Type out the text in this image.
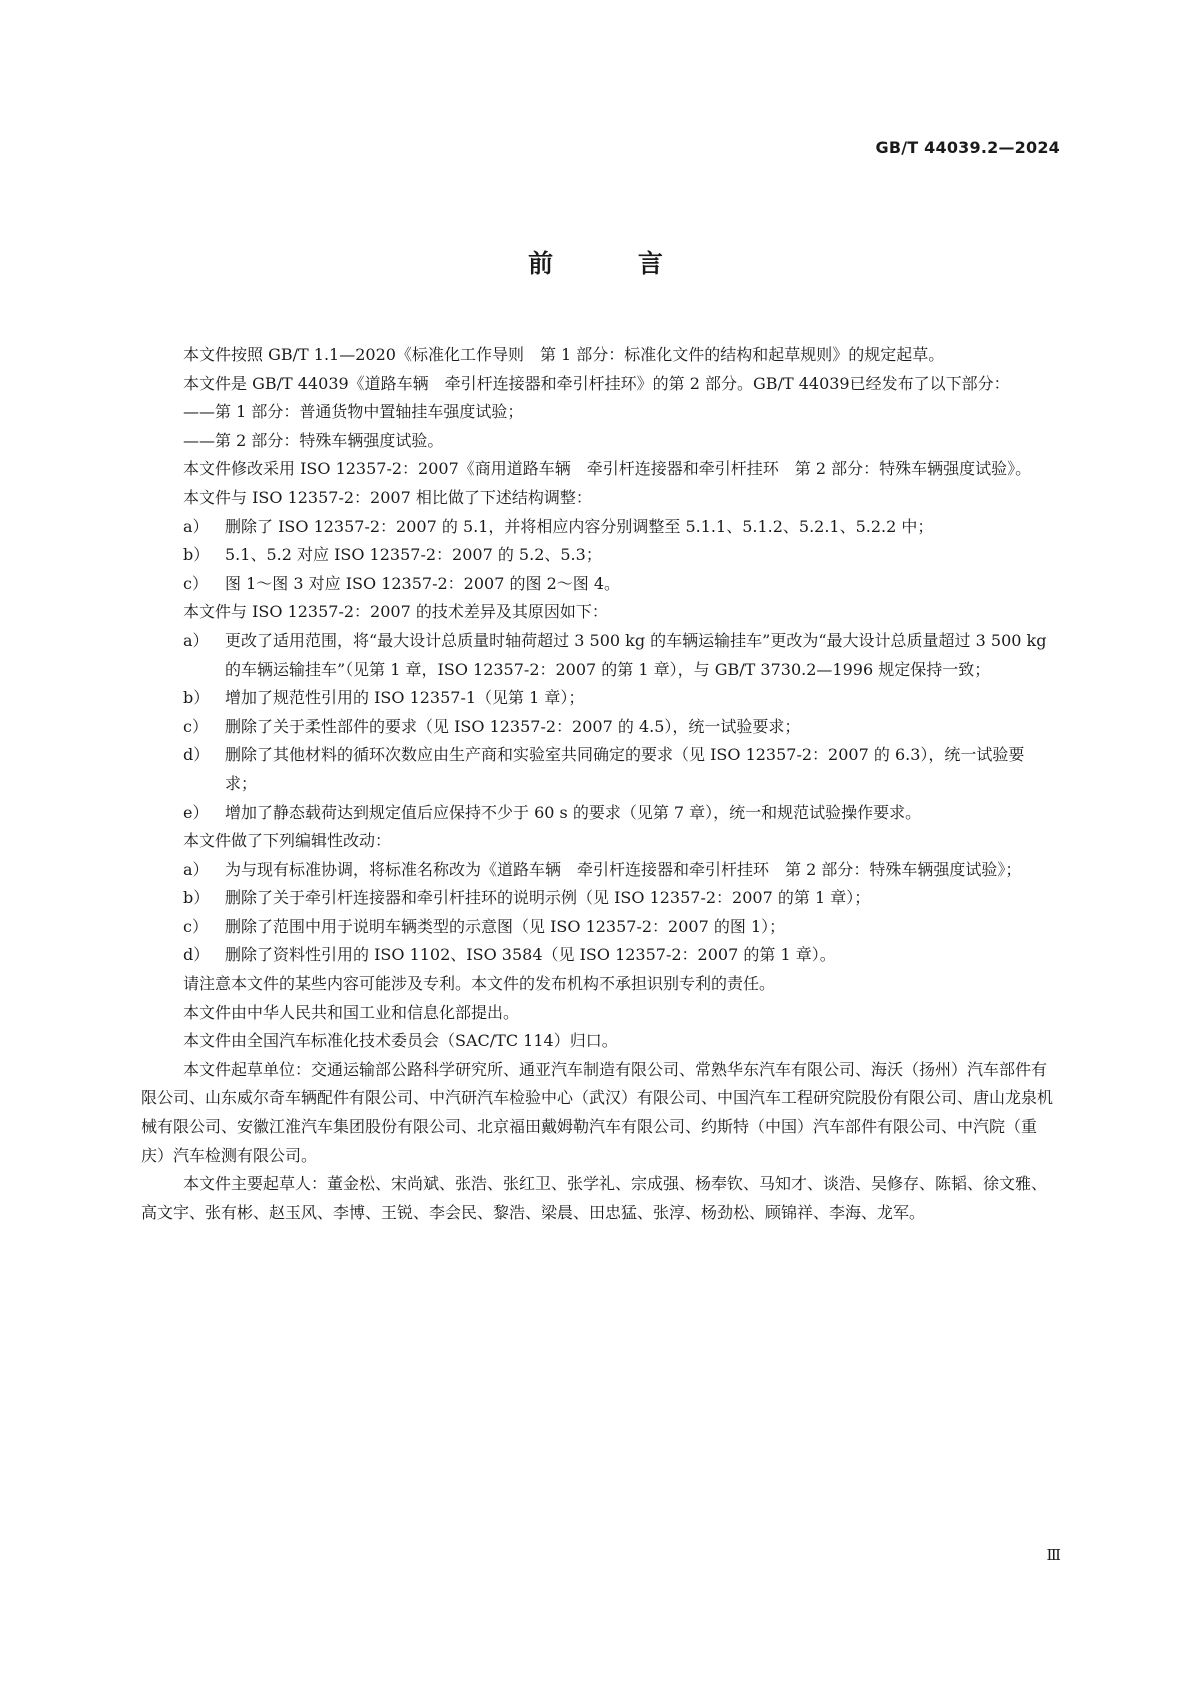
GB/T 44039.2—2024
前 言

本文件按照 GB/T 1.1—2020《标准化工作导则　第 1 部分：标准化文件的结构和起草规则》的规定起草。

本文件是 GB/T 44039《道路车辆　牵引杆连接器和牵引杆挂环》的第 2 部分。GB/T 44039已经发布了以下部分：

——第 1 部分：普通货物中置轴挂车强度试验；

——第 2 部分：特殊车辆强度试验。

本文件修改采用 ISO 12357-2：2007《商用道路车辆　牵引杆连接器和牵引杆挂环　第 2 部分：特殊车辆强度试验》。

本文件与 ISO 12357-2：2007 相比做了下述结构调整：

a） 删除了 ISO 12357-2：2007 的 5.1，并将相应内容分别调整至 5.1.1、5.1.2、5.2.1、5.2.2 中；

b） 5.1、5.2 对应 ISO 12357-2：2007 的 5.2、5.3；

c） 图 1～图 3 对应 ISO 12357-2：2007 的图 2～图 4。

本文件与 ISO 12357-2：2007 的技术差异及其原因如下：

a） 更改了适用范围，将“最大设计总质量时轴荷超过 3 500 kg 的车辆运输挂车”更改为“最大设计总质量超过 3 500 kg 的车辆运输挂车”（见第 1 章，ISO 12357-2：2007 的第 1 章），与 GB/T 3730.2—1996 规定保持一致；

b） 增加了规范性引用的 ISO 12357-1（见第 1 章）；

c） 删除了关于柔性部件的要求（见 ISO 12357-2：2007 的 4.5），统一试验要求；

d） 删除了其他材料的循环次数应由生产商和实验室共同确定的要求（见 ISO 12357-2：2007 的 6.3），统一试验要求；

e） 增加了静态载荷达到规定值后应保持不少于 60 s 的要求（见第 7 章），统一和规范试验操作要求。

本文件做了下列编辑性改动：

a） 为与现有标准协调，将标准名称改为《道路车辆　牵引杆连接器和牵引杆挂环　第 2 部分：特殊车辆强度试验》；

b） 删除了关于牵引杆连接器和牵引杆挂环的说明示例（见 ISO 12357-2：2007 的第 1 章）；

c） 删除了范围中用于说明车辆类型的示意图（见 ISO 12357-2：2007 的图 1）；

d） 删除了资料性引用的 ISO 1102、ISO 3584（见 ISO 12357-2：2007 的第 1 章）。

请注意本文件的某些内容可能涉及专利。本文件的发布机构不承担识别专利的责任。

本文件由中华人民共和国工业和信息化部提出。

本文件由全国汽车标准化技术委员会（SAC/TC 114）归口。

本文件起草单位：交通运输部公路科学研究所、通亚汽车制造有限公司、常熟华东汽车有限公司、海沃（扬州）汽车部件有限公司、山东威尔奇车辆配件有限公司、中汽研汽车检验中心（武汉）有限公司、中国汽车工程研究院股份有限公司、唐山龙泉机械有限公司、安徽江淮汽车集团股份有限公司、北京福田戴姆勒汽车有限公司、约斯特（中国）汽车部件有限公司、中汽院（重庆）汽车检测有限公司。

本文件主要起草人：董金松、宋尚斌、张浩、张红卫、张学礼、宗成强、杨奉钦、马知才、谈浩、吴修存、陈韬、徐文雅、高文宇、张有彬、赵玉风、李博、王锐、李会民、黎浩、梁晨、田忠猛、张淳、杨劲松、顾锦祥、李海、龙军。

Ⅲ
